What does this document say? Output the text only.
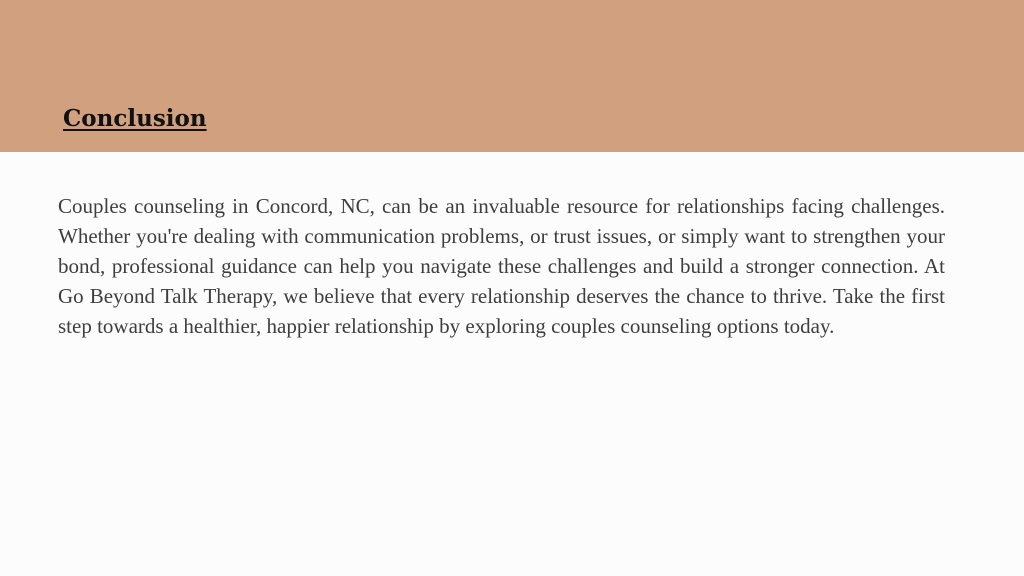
Conclusion

Couples counseling in Concord, NC, can be an invaluable resource for relationships facing challenges. Whether you're dealing with communication problems, or trust issues, or simply want to strengthen your bond, professional guidance can help you navigate these challenges and build a stronger connection. At Go Beyond Talk Therapy, we believe that every relationship deserves the chance to thrive. Take the first step towards a healthier, happier relationship by exploring couples counseling options today.
